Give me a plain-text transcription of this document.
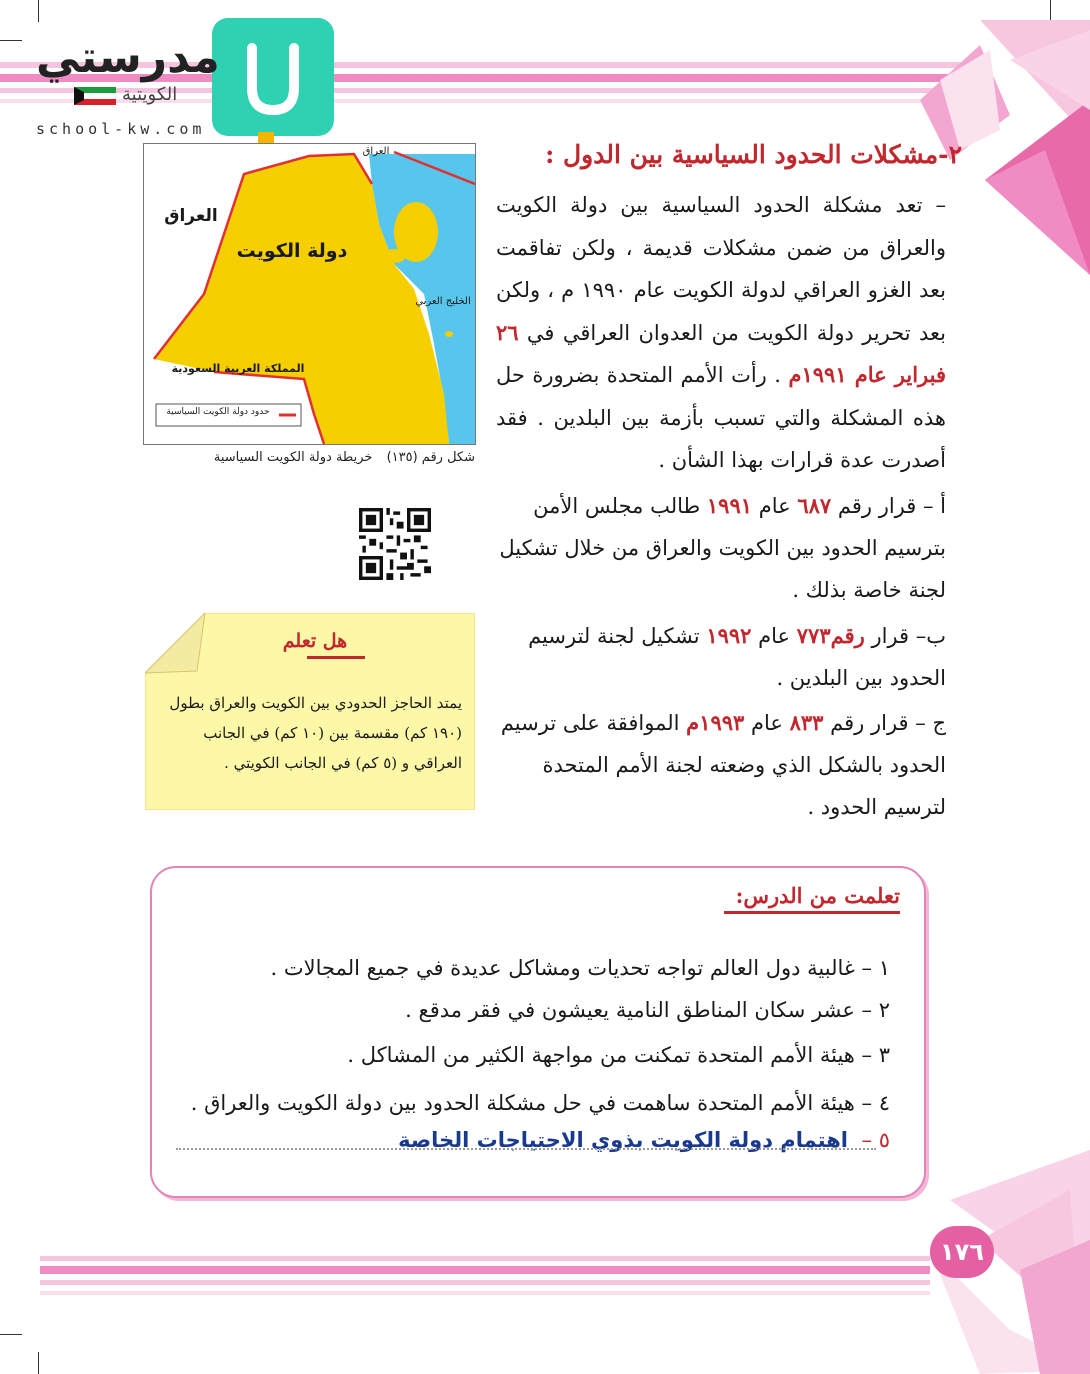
مدرستي
الكويتية
school-kw.com
العراق
العراق
دولة الكويت
الخليج العربي
المملكة العربية السعودية
حدود دولة الكويت السياسية
شكل رقم (١٣٥) خريطة دولة الكويت السياسية
هل تعلم
يمتد الحاجز الحدودي بين الكويت والعراق بطول (١٩٠ كم) مقسمة بين (١٠ كم) في الجانب العراقي و (٥ كم) في الجانب الكويتي .
٢-مشكلات الحدود السياسية بين الدول :
– تعد مشكلة الحدود السياسية بين دولة الكويت والعراق من ضمن مشكلات قديمة ، ولكن تفاقمت بعد الغزو العراقي لدولة الكويت عام ١٩٩٠ م ، ولكن بعد تحرير دولة الكويت من العدوان العراقي في ٢٦ فبراير عام ١٩٩١م . رأت الأمم المتحدة بضرورة حل هذه المشكلة والتي تسبب بأزمة بين البلدين . فقد أصدرت عدة قرارات بهذا الشأن .
أ – قرار رقم ٦٨٧ عام ١٩٩١ طالب مجلس الأمن بترسيم الحدود بين الكويت والعراق من خلال تشكيل لجنة خاصة بذلك .
ب– قرار رقم٧٧٣ عام ١٩٩٢ تشكيل لجنة لترسيم الحدود بين البلدين .
ج – قرار رقم ٨٣٣ عام ١٩٩٣م الموافقة على ترسيم الحدود بالشكل الذي وضعته لجنة الأمم المتحدة لترسيم الحدود .
تعلمت من الدرس:
١ – غالبية دول العالم تواجه تحديات ومشاكل عديدة في جميع المجالات .
٢ – عشر سكان المناطق النامية يعيشون في فقر مدقع .
٣ – هيئة الأمم المتحدة تمكنت من مواجهة الكثير من المشاكل .
٤ – هيئة الأمم المتحدة ساهمت في حل مشكلة الحدود بين دولة الكويت والعراق .
٥ –
اهتمام دولة الكويت بذوي الاحتياجات الخاصة
١٧٦
